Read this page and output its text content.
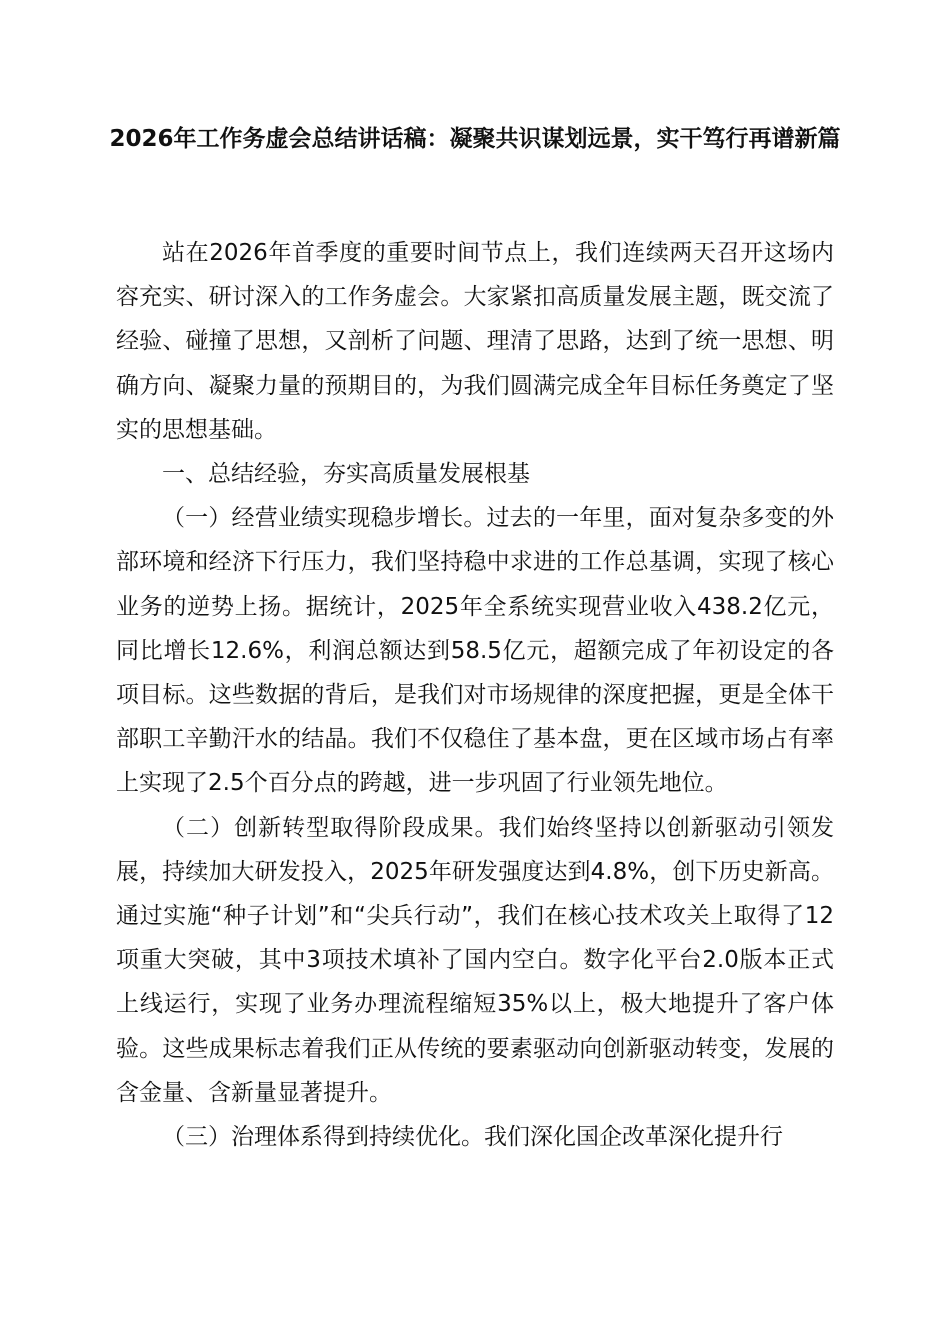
2026年工作务虚会总结讲话稿：凝聚共识谋划远景，实干笃行再谱新篇

站在2026年首季度的重要时间节点上，我们连续两天召开这场内容充实、研讨深入的工作务虚会。大家紧扣高质量发展主题，既交流了经验、碰撞了思想，又剖析了问题、理清了思路，达到了统一思想、明确方向、凝聚力量的预期目的，为我们圆满完成全年目标任务奠定了坚实的思想基础。

一、总结经验，夯实高质量发展根基

（一）经营业绩实现稳步增长。过去的一年里，面对复杂多变的外部环境和经济下行压力，我们坚持稳中求进的工作总基调，实现了核心业务的逆势上扬。据统计，2025年全系统实现营业收入438.2亿元，同比增长12.6%，利润总额达到58.5亿元，超额完成了年初设定的各项目标。这些数据的背后，是我们对市场规律的深度把握，更是全体干部职工辛勤汗水的结晶。我们不仅稳住了基本盘，更在区域市场占有率上实现了2.5个百分点的跨越，进一步巩固了行业领先地位。

（二）创新转型取得阶段成果。我们始终坚持以创新驱动引领发展，持续加大研发投入，2025年研发强度达到4.8%，创下历史新高。通过实施“种子计划”和“尖兵行动”，我们在核心技术攻关上取得了12项重大突破，其中3项技术填补了国内空白。数字化平台2.0版本正式上线运行，实现了业务办理流程缩短35%以上，极大地提升了客户体验。这些成果标志着我们正从传统的要素驱动向创新驱动转变，发展的含金量、含新量显著提升。

（三）治理体系得到持续优化。我们深化国企改革深化提升行
